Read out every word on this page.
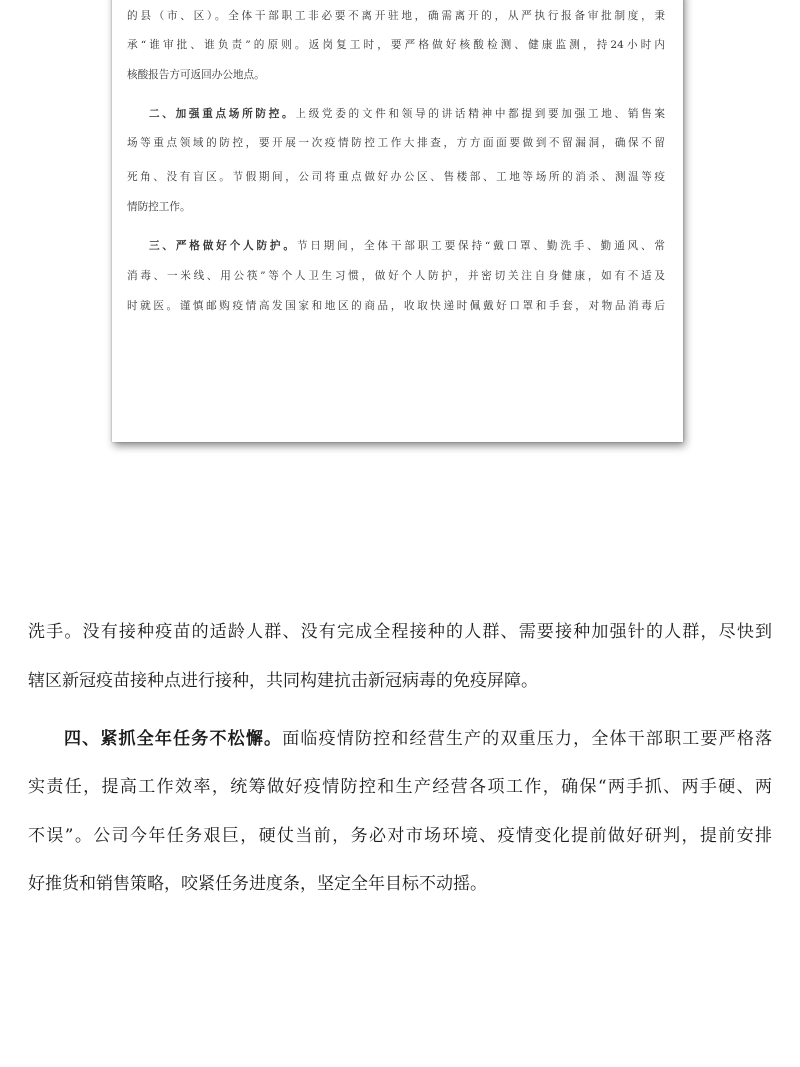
的县（市、区）。全体干部职工非必要不离开驻地，确需离开的，从严执行报备审批制度，秉
承“谁审批、谁负责”的原则。返岗复工时，要严格做好核酸检测、健康监测，持24小时内
核酸报告方可返回办公地点。
二、加强重点场所防控。上级党委的文件和领导的讲话精神中都提到要加强工地、销售案
场等重点领域的防控，要开展一次疫情防控工作大排查，方方面面要做到不留漏洞，确保不留
死角、没有盲区。节假期间，公司将重点做好办公区、售楼部、工地等场所的消杀、测温等疫
情防控工作。
三、严格做好个人防护。节日期间，全体干部职工要保持“戴口罩、勤洗手、勤通风、常
消毒、一米线、用公筷”等个人卫生习惯，做好个人防护，并密切关注自身健康，如有不适及
时就医。谨慎邮购疫情高发国家和地区的商品，收取快递时佩戴好口罩和手套，对物品消毒后
洗手。没有接种疫苗的适龄人群、没有完成全程接种的人群、需要接种加强针的人群，尽快到
辖区新冠疫苗接种点进行接种，共同构建抗击新冠病毒的免疫屏障。
四、紧抓全年任务不松懈。面临疫情防控和经营生产的双重压力，全体干部职工要严格落
实责任，提高工作效率，统筹做好疫情防控和生产经营各项工作，确保“两手抓、两手硬、两
不误”。公司今年任务艰巨，硬仗当前，务必对市场环境、疫情变化提前做好研判，提前安排
好推货和销售策略，咬紧任务进度条，坚定全年目标不动摇。
